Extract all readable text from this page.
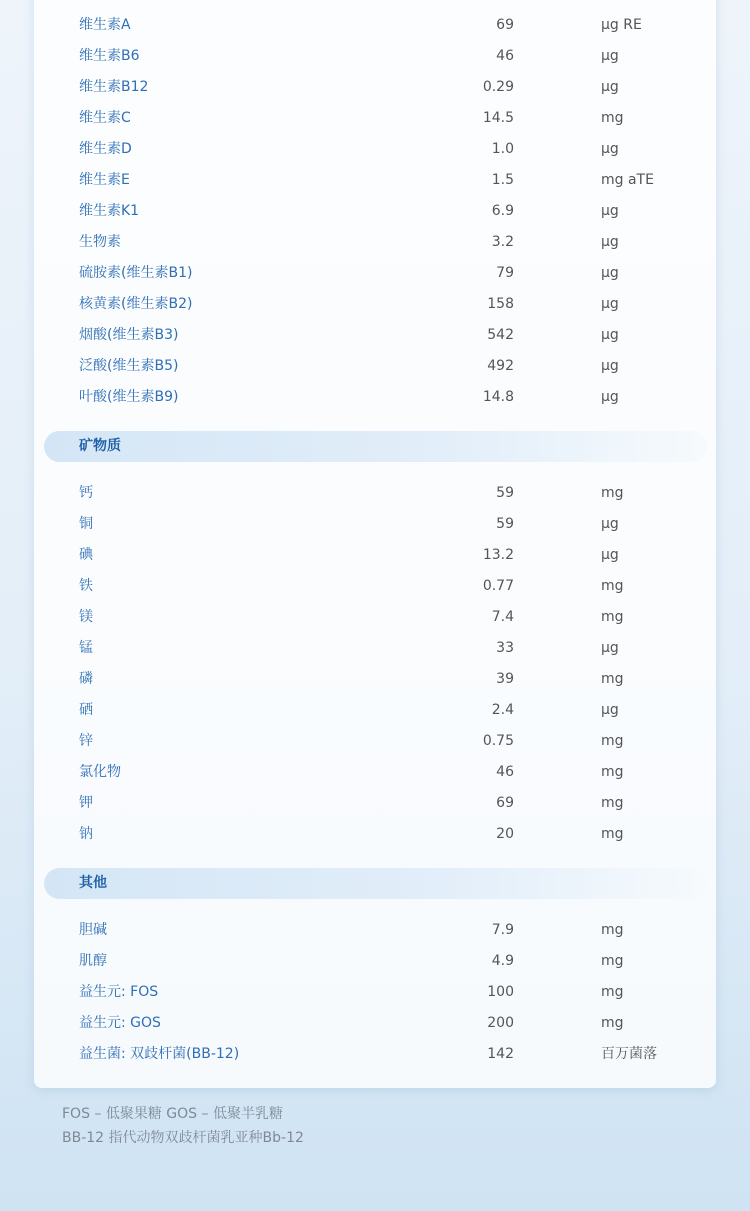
维生素A	69	µg RE
维生素B6	46	µg
维生素B12	0.29	µg
维生素C	14.5	mg
维生素D	1.0	µg
维生素E	1.5	mg aTE
维生素K1	6.9	µg
生物素	3.2	µg
硫胺素(维生素B1)	79	µg
核黄素(维生素B2)	158	µg
烟酸(维生素B3)	542	µg
泛酸(维生素B5)	492	µg
叶酸(维生素B9)	14.8	µg
矿物质
钙	59	mg
铜	59	µg
碘	13.2	µg
铁	0.77	mg
镁	7.4	mg
锰	33	µg
磷	39	mg
硒	2.4	µg
锌	0.75	mg
氯化物	46	mg
钾	69	mg
钠	20	mg
其他
胆碱	7.9	mg
肌醇	4.9	mg
益生元: FOS	100	mg
益生元: GOS	200	mg
益生菌: 双歧杆菌(BB-12)	142	百万菌落
FOS – 低聚果糖 GOS – 低聚半乳糖
BB-12 指代动物双歧杆菌乳亚种Bb-12
